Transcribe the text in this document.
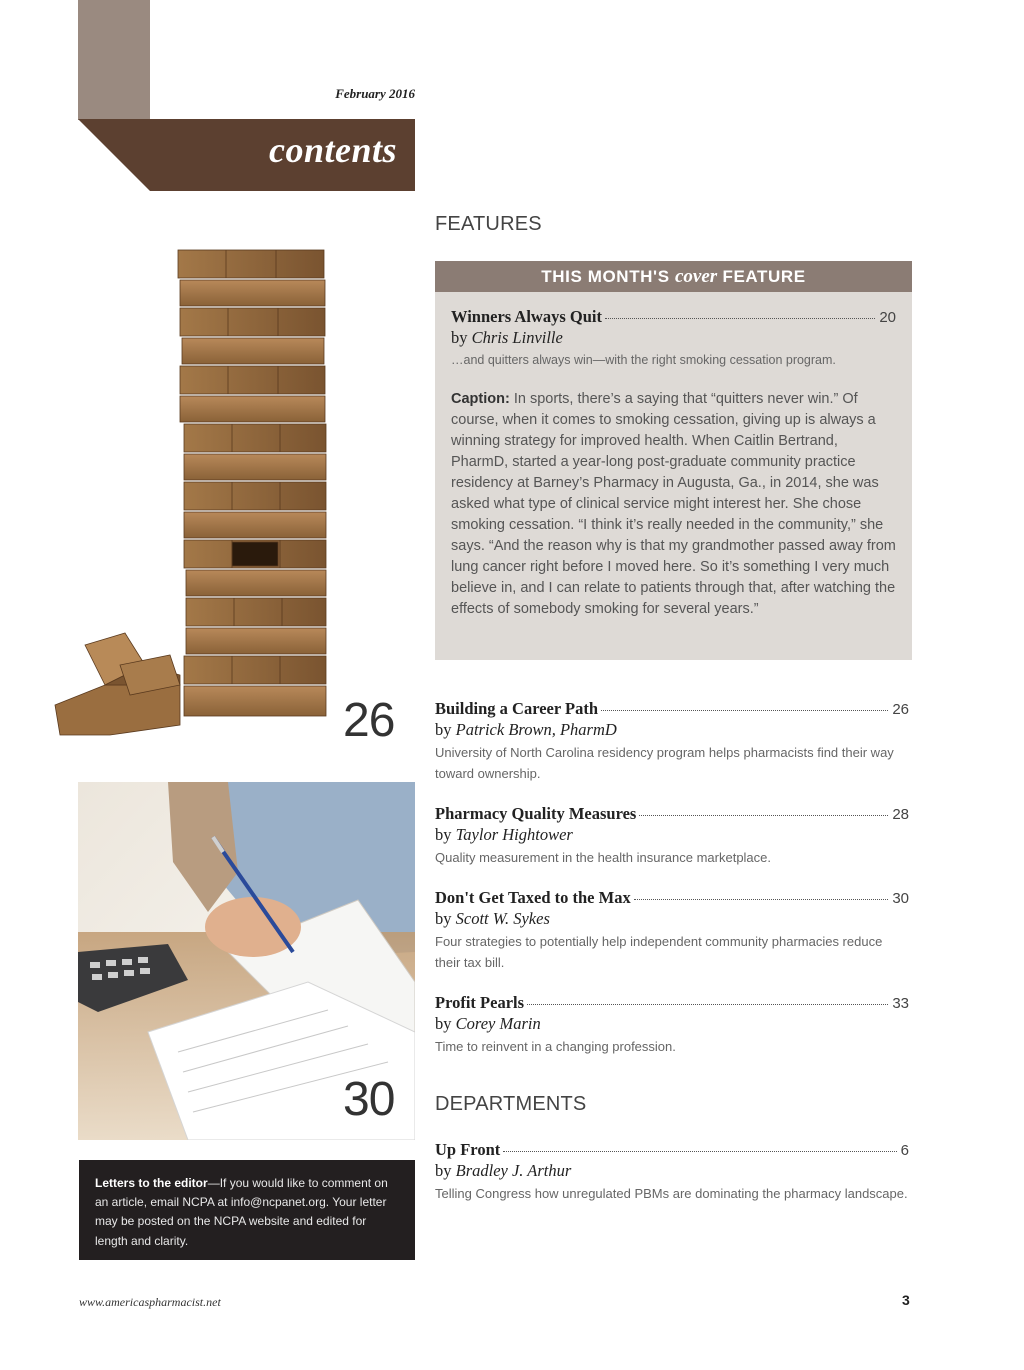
February 2016
contents
FEATURES
THIS MONTH'S cover FEATURE
Winners Always Quit	20
by Chris Linville
…and quitters always win—with the right smoking cessation program.
Caption: In sports, there’s a saying that “quitters never win.” Of course, when it comes to smoking cessation, giving up is always a winning strategy for improved health. When Caitlin Bertrand, PharmD, started a year-long post-graduate community practice residency at Barney’s Pharmacy in Augusta, Ga., in 2014, she was asked what type of clinical service might interest her. She chose smoking cessation. “I think it’s really needed in the community,” she says. “And the reason why is that my grandmother passed away from lung cancer right before I moved here. So it’s something I very much believe in, and I can relate to patients through that, after watching the effects of somebody smoking for several years.”
Building a Career Path	26
by Patrick Brown, PharmD
University of North Carolina residency program helps pharmacists find their way toward ownership.
Pharmacy Quality Measures	28
by Taylor Hightower
Quality measurement in the health insurance marketplace.
Don't Get Taxed to the Max	30
by Scott W. Sykes
Four strategies to potentially help independent community pharmacies reduce their tax bill.
Profit Pearls	33
by Corey Marin
Time to reinvent in a changing profession.
DEPARTMENTS
Up Front	6
by Bradley J. Arthur
Telling Congress how unregulated PBMs are dominating the pharmacy landscape.
26
30
Letters to the editor—If you would like to comment on an article, email NCPA at info@ncpanet.org. Your letter may be posted on the NCPA website and edited for length and clarity.
www.americaspharmacist.net	3
